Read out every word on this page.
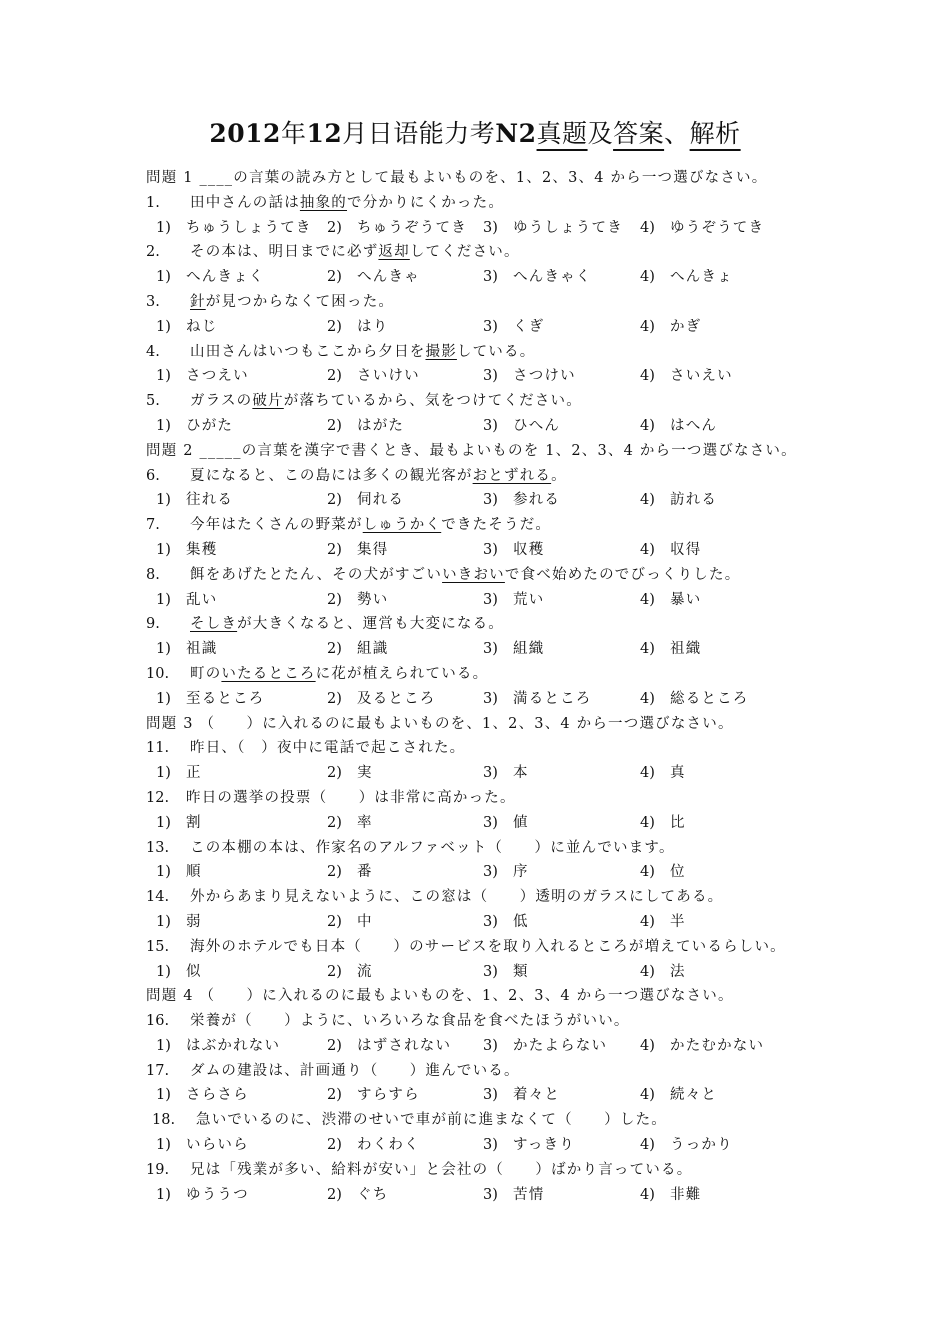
2012年12月日语能力考N2真题及答案、解析
問題 1 ____の言葉の読み方として最もよいものを、1、2、3、4 から一つ選びなさい。
1. 田中さんの話は抽象的で分かりにくかった。
1) ちゅうしょうてき 2) ちゅうぞうてき 3) ゆうしょうてき 4) ゆうぞうてき
2. その本は、明日までに必ず返却してください。
1) へんきょく	2) へんきゃ	3) へんきゃく	4) へんきょ
3. 針が見つからなくて困った。
1) ねじ	2) はり	3) くぎ	4) かぎ
4. 山田さんはいつもここから夕日を撮影している。
1) さつえい	2) さいけい	3) さつけい	4) さいえい
5. ガラスの破片が落ちているから、気をつけてください。
1) ひがた	2) はがた	3) ひへん	4) はへん
問題 2 _____の言葉を漢字で書くとき、最もよいものを 1、2、3、4 から一つ選びなさい。
6. 夏になると、この島には多くの観光客がおとずれる。
1) 往れる	2) 伺れる	3) 参れる	4) 訪れる
7. 今年はたくさんの野菜がしゅうかくできたそうだ。
1) 集穫	2) 集得	3) 収穫	4) 収得
8. 餌をあげたとたん、その犬がすごいいきおいで食べ始めたのでびっくりした。
1) 乱い	2) 勢い	3) 荒い	4) 暴い
9. そしきが大きくなると、運営も大変になる。
1) 祖識	2) 組識	3) 組織	4) 祖織
10. 町のいたるところに花が植えられている。
1) 至るところ	2) 及るところ	3) 満るところ	4) 総るところ
問題 3 （　　）に入れるのに最もよいものを、1、2、3、4 から一つ選びなさい。
11. 昨日、（　）夜中に電話で起こされた。
1) 正	2) 実	3) 本	4) 真
12. 昨日の選挙の投票（　　）は非常に高かった。
1) 割	2) 率	3) 値	4) 比
13. この本棚の本は、作家名のアルファベット（　　）に並んでいます。
1) 順	2) 番	3) 序	4) 位
14. 外からあまり見えないように、この窓は（　　）透明のガラスにしてある。
1) 弱	2) 中	3) 低	4) 半
15. 海外のホテルでも日本（　　）のサービスを取り入れるところが増えているらしい。
1) 似	2) 流	3) 類	4) 法
問題 4 （　　）に入れるのに最もよいものを、1、2、3、4 から一つ選びなさい。
16. 栄養が（　　）ように、いろいろな食品を食べたほうがいい。
1) はぶかれない	2) はずされない 3) かたよらない 4) かたむかない
17. ダムの建設は、計画通り（　　）進んでいる。
1) さらさら	2) すらすら	3) 着々と	4) 続々と
18. 急いでいるのに、渋滞のせいで車が前に進まなくて（　　）した。
1) いらいら	2) わくわく	3) すっきり	4) うっかり
19. 兄は「残業が多い、給料が安い」と会社の（　　）ばかり言っている。
1) ゆううつ	2) ぐち	3) 苦情	4) 非難
